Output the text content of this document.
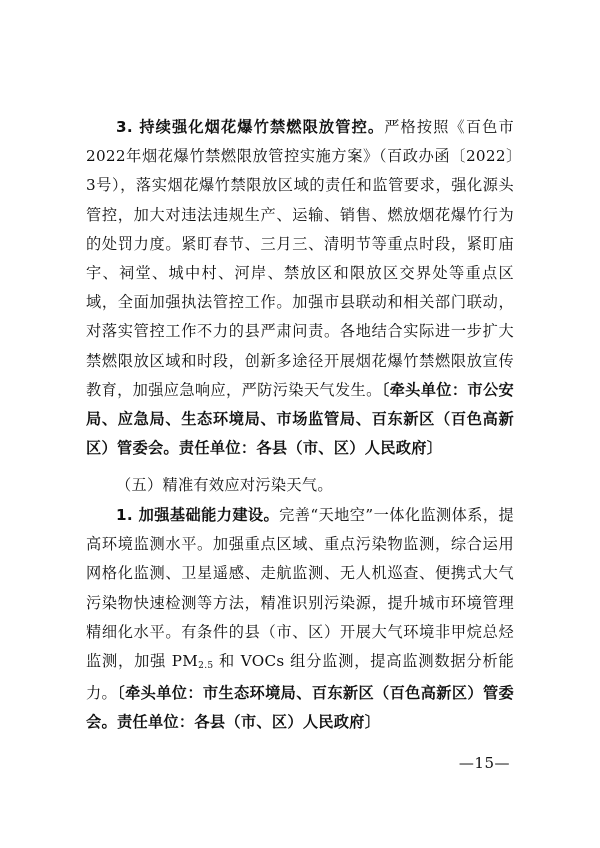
3. 持续强化烟花爆竹禁燃限放管控。严格按照《百色市2022年烟花爆竹禁燃限放管控实施方案》（百政办函〔2022〕3号），落实烟花爆竹禁限放区域的责任和监管要求，强化源头管控，加大对违法违规生产、运输、销售、燃放烟花爆竹行为的处罚力度。紧盯春节、三月三、清明节等重点时段，紧盯庙宇、祠堂、城中村、河岸、禁放区和限放区交界处等重点区域，全面加强执法管控工作。加强市县联动和相关部门联动，对落实管控工作不力的县严肃问责。各地结合实际进一步扩大禁燃限放区域和时段，创新多途径开展烟花爆竹禁燃限放宣传教育，加强应急响应，严防污染天气发生。〔牵头单位：市公安局、应急局、生态环境局、市场监管局、百东新区（百色高新区）管委会。责任单位：各县（市、区）人民政府〕
（五）精准有效应对污染天气。
1. 加强基础能力建设。完善“天地空”一体化监测体系，提高环境监测水平。加强重点区域、重点污染物监测，综合运用网格化监测、卫星遥感、走航监测、无人机巡查、便携式大气污染物快速检测等方法，精准识别污染源，提升城市环境管理精细化水平。有条件的县（市、区）开展大气环境非甲烷总烃监测，加强 PM2.5 和 VOCs 组分监测，提高监测数据分析能力。〔牵头单位：市生态环境局、百东新区（百色高新区）管委会。责任单位：各县（市、区）人民政府〕
—15—
